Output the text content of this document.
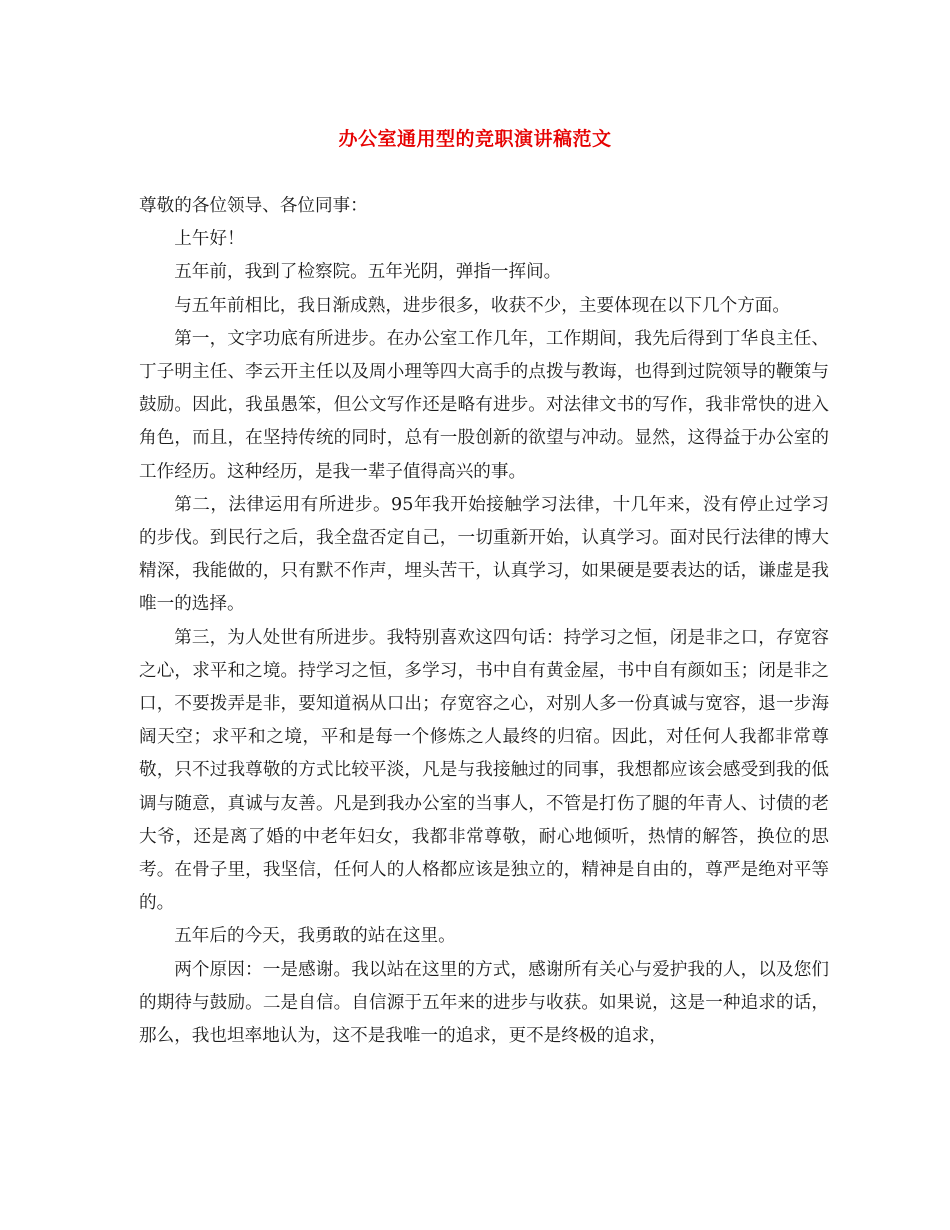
办公室通用型的竞职演讲稿范文

尊敬的各位领导、各位同事：

上午好！

五年前，我到了检察院。五年光阴，弹指一挥间。

与五年前相比，我日渐成熟，进步很多，收获不少，主要体现在以下几个方面。

第一，文字功底有所进步。在办公室工作几年，工作期间，我先后得到丁华良主任、丁子明主任、李云开主任以及周小理等四大高手的点拨与教诲，也得到过院领导的鞭策与鼓励。因此，我虽愚笨，但公文写作还是略有进步。对法律文书的写作，我非常快的进入角色，而且，在坚持传统的同时，总有一股创新的欲望与冲动。显然，这得益于办公室的工作经历。这种经历，是我一辈子值得高兴的事。

第二，法律运用有所进步。95年我开始接触学习法律，十几年来，没有停止过学习的步伐。到民行之后，我全盘否定自己，一切重新开始，认真学习。面对民行法律的博大精深，我能做的，只有默不作声，埋头苦干，认真学习，如果硬是要表达的话，谦虚是我唯一的选择。

第三，为人处世有所进步。我特别喜欢这四句话：持学习之恒，闭是非之口，存宽容之心，求平和之境。持学习之恒，多学习，书中自有黄金屋，书中自有颜如玉；闭是非之口，不要拨弄是非，要知道祸从口出；存宽容之心，对别人多一份真诚与宽容，退一步海阔天空；求平和之境，平和是每一个修炼之人最终的归宿。因此，对任何人我都非常尊敬，只不过我尊敬的方式比较平淡，凡是与我接触过的同事，我想都应该会感受到我的低调与随意，真诚与友善。凡是到我办公室的当事人，不管是打伤了腿的年青人、讨债的老大爷，还是离了婚的中老年妇女，我都非常尊敬，耐心地倾听，热情的解答，换位的思考。在骨子里，我坚信，任何人的人格都应该是独立的，精神是自由的，尊严是绝对平等的。

五年后的今天，我勇敢的站在这里。

两个原因：一是感谢。我以站在这里的方式，感谢所有关心与爱护我的人，以及您们的期待与鼓励。二是自信。自信源于五年来的进步与收获。如果说，这是一种追求的话，那么，我也坦率地认为，这不是我唯一的追求，更不是终极的追求，
